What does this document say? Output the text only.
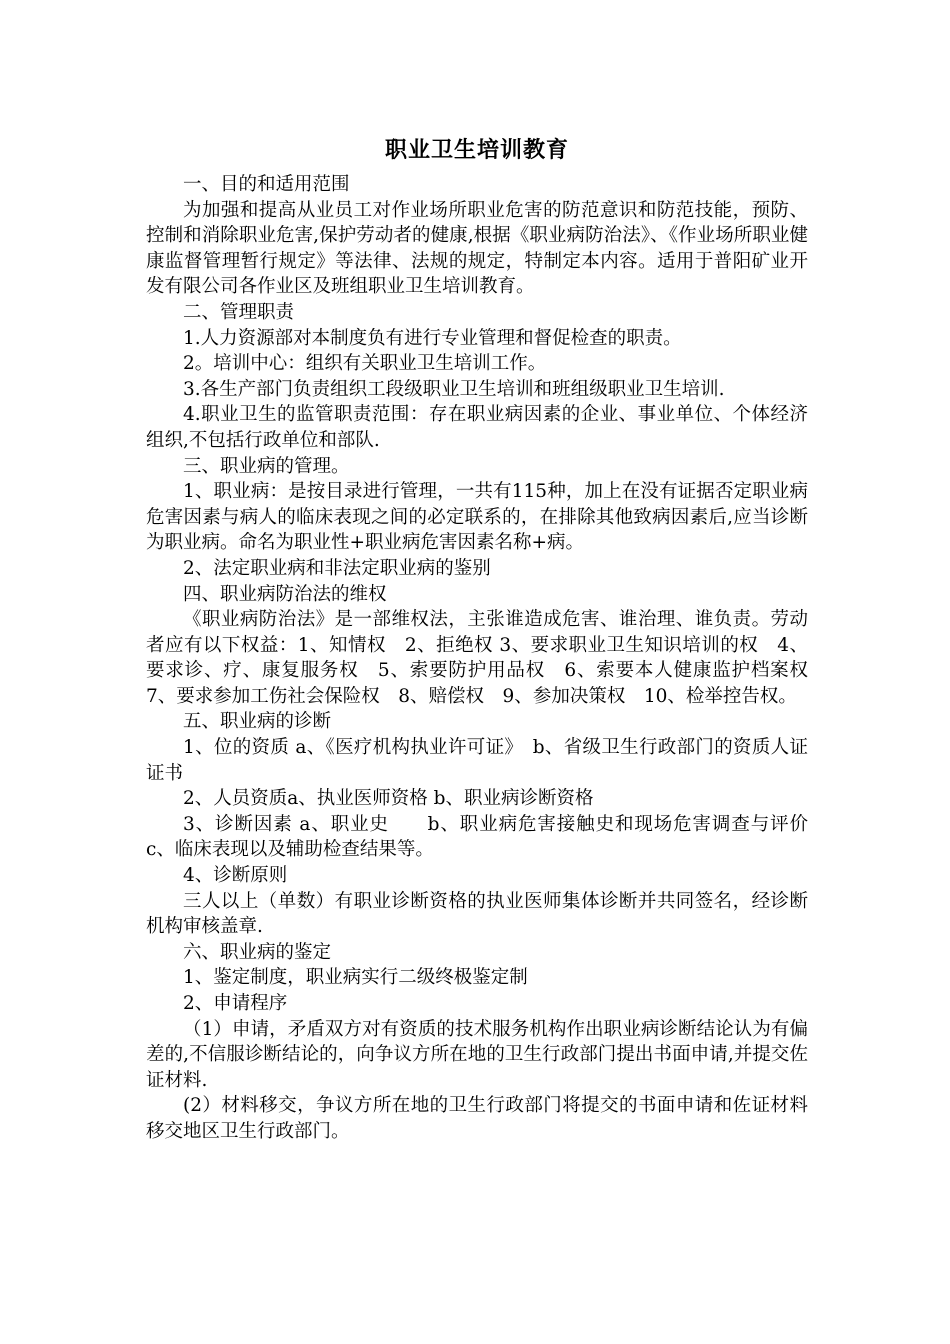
职业卫生培训教育

一、目的和适用范围

为加强和提高从业员工对作业场所职业危害的防范意识和防范技能，预防、控制和消除职业危害,保护劳动者的健康,根据《职业病防治法》、《作业场所职业健康监督管理暂行规定》等法律、法规的规定，特制定本内容。适用于普阳矿业开发有限公司各作业区及班组职业卫生培训教育。

二、管理职责

1.人力资源部对本制度负有进行专业管理和督促检查的职责。

2。培训中心：组织有关职业卫生培训工作。

3.各生产部门负责组织工段级职业卫生培训和班组级职业卫生培训.

4.职业卫生的监管职责范围：存在职业病因素的企业、事业单位、个体经济组织,不包括行政单位和部队.

三、职业病的管理。

1、职业病：是按目录进行管理，一共有115种，加上在没有证据否定职业病危害因素与病人的临床表现之间的必定联系的，在排除其他致病因素后,应当诊断为职业病。命名为职业性+职业病危害因素名称+病。

2、法定职业病和非法定职业病的鉴别

四、职业病防治法的维权

《职业病防治法》是一部维权法，主张谁造成危害、谁治理、谁负责。劳动者应有以下权益：1、知情权　2、拒绝权 3、要求职业卫生知识培训的权　4、要求诊、疗、康复服务权　5、索要防护用品权　6、索要本人健康监护档案权　7、要求参加工伤社会保险权　8、赔偿权　9、参加决策权　10、检举控告权。

五、职业病的诊断

1、位的资质 a、《医疗机构执业许可证》　b、省级卫生行政部门的资质人证证书

2、人员资质a、执业医师资格 b、职业病诊断资格

3、诊断因素 a、职业史　　b、职业病危害接触史和现场危害调查与评价 c、临床表现以及辅助检查结果等。

4、诊断原则

三人以上（单数）有职业诊断资格的执业医师集体诊断并共同签名，经诊断机构审核盖章.

六、职业病的鉴定

1、鉴定制度，职业病实行二级终极鉴定制

2、申请程序

（1）申请，矛盾双方对有资质的技术服务机构作出职业病诊断结论认为有偏差的,不信服诊断结论的，向争议方所在地的卫生行政部门提出书面申请,并提交佐证材料.

(2）材料移交，争议方所在地的卫生行政部门将提交的书面申请和佐证材料移交地区卫生行政部门。
